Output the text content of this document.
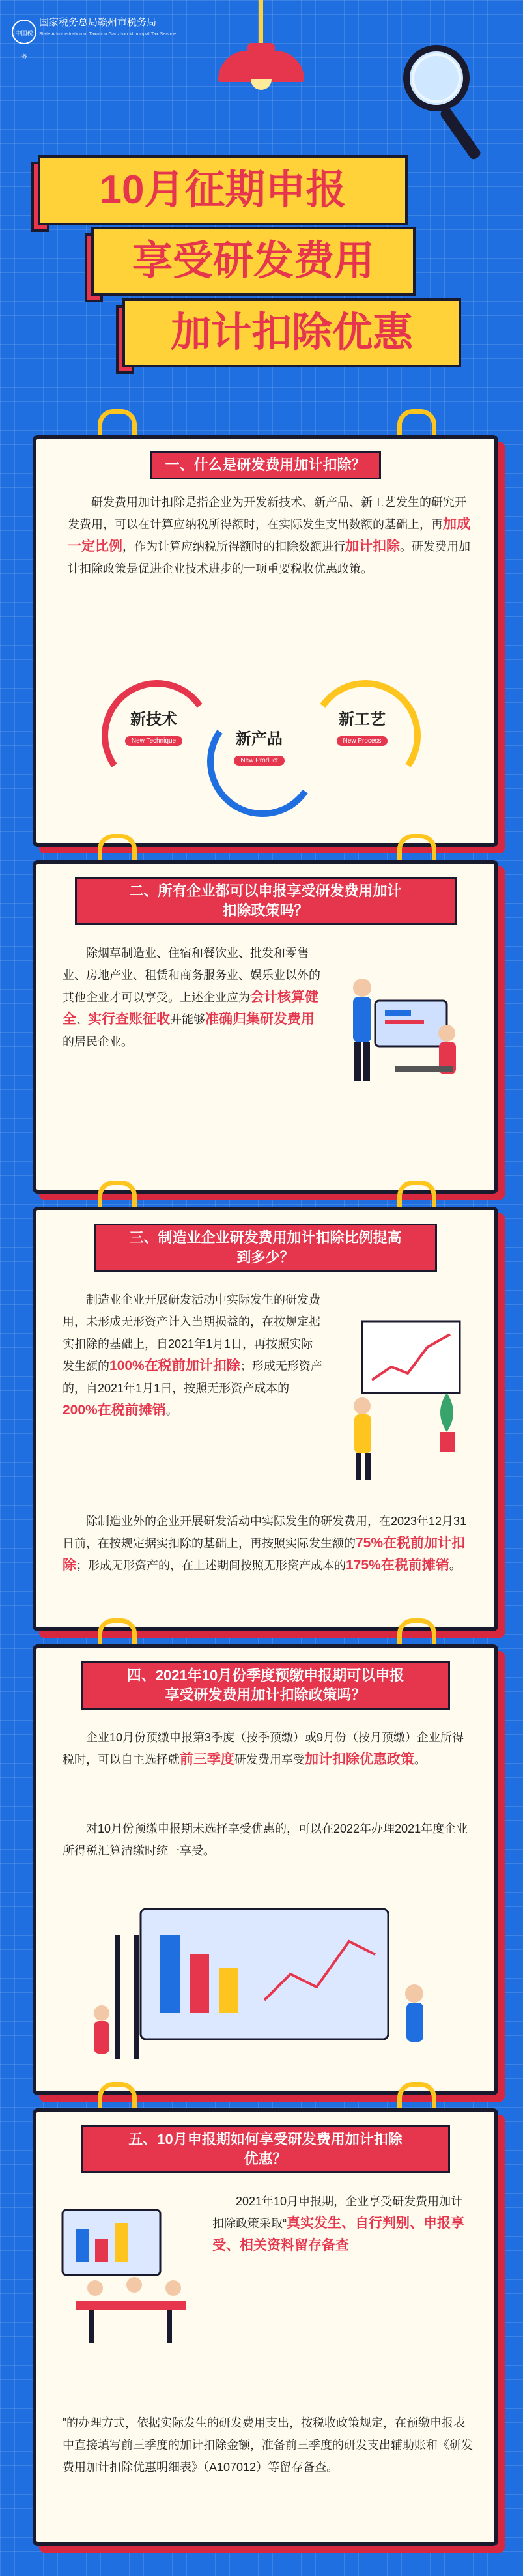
中国税务
国家税务总局赣州市税务局
State Administration of Taxation Ganzhou Municipal Tax Service
10月征期申报
享受研发费用
加计扣除优惠
一、什么是研发费用加计扣除？
研发费用加计扣除是指企业为开发新技术、新产品、新工艺发生的研究开发费用，可以在计算应纳税所得额时，在实际发生支出数额的基础上，再加成一定比例，作为计算应纳税所得额时的扣除数额进行加计扣除。研发费用加计扣除政策是促进企业技术进步的一项重要税收优惠政策。
新技术
New Technique	新产品
New Product
新工艺
New Process
二、所有企业都可以申报享受研发费用加计
扣除政策吗？
除烟草制造业、住宿和餐饮业、批发和零售业、房地产业、租赁和商务服务业、娱乐业以外的其他企业才可以享受。上述企业应为会计核算健全、实行查账征收并能够准确归集研发费用的居民企业。
三、制造业企业研发费用加计扣除比例提高
到多少？
制造业企业开展研发活动中实际发生的研发费用，未形成无形资产计入当期损益的，在按规定据实扣除的基础上，自2021年1月1日，再按照实际发生额的100%在税前加计扣除；形成无形资产的，自2021年1月1日，按照无形资产成本的200%在税前摊销。
除制造业外的企业开展研发活动中实际发生的研发费用，在2023年12月31日前，在按规定据实扣除的基础上，再按照实际发生额的75%在税前加计扣除；形成无形资产的，在上述期间按照无形资产成本的175%在税前摊销。
四、2021年10月份季度预缴申报期可以申报
享受研发费用加计扣除政策吗？
企业10月份预缴申报第3季度（按季预缴）或9月份（按月预缴）企业所得税时，可以自主选择就前三季度研发费用享受加计扣除优惠政策。
对10月份预缴申报期未选择享受优惠的，可以在2022年办理2021年度企业所得税汇算清缴时统一享受。
五、10月申报期如何享受研发费用加计扣除
优惠？
2021年10月申报期，企业享受研发费用加计扣除政策采取“真实发生、自行判别、申报享受、相关资料留存备查
”的办理方式，依据实际发生的研发费用支出，按税收政策规定，在预缴申报表中直接填写前三季度的加计扣除金额，准备前三季度的研发支出辅助账和《研发费用加计扣除优惠明细表》（A107012）等留存备查。
